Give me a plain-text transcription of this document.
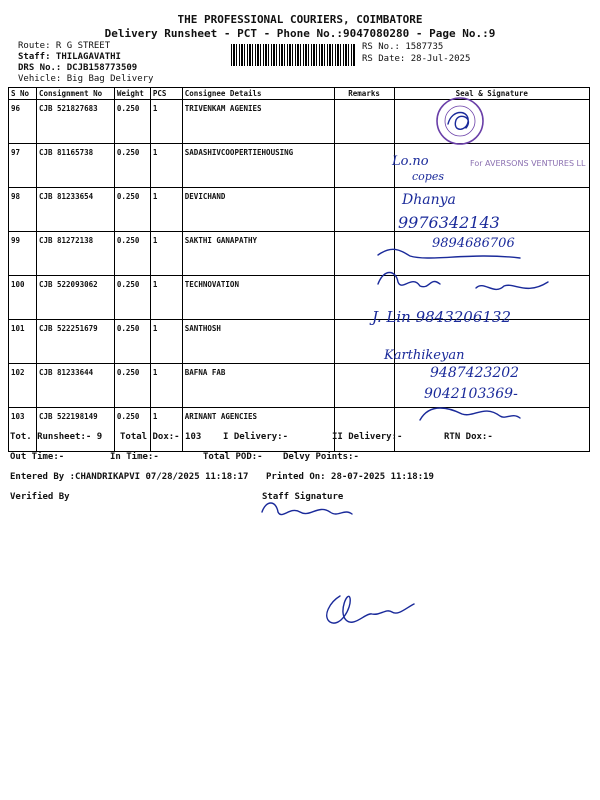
THE PROFESSIONAL COURIERS, COIMBATORE
Delivery Runsheet - PCT - Phone No.:9047080280 - Page No.:9
Route: R G STREET
Staff: THILAGAVATHI
DRS No.: DCJB158773509
Vehicle: Big Bag Delivery
RS No.: 1587735
RS Date: 28-Jul-2025
S No	Consignment No	Weight	PCS	Consignee Details	Remarks	Seal & Signature
96	CJB 521827683	0.250	1	TRIVENKAM AGENIES		
97	CJB 81165738	0.250	1	SADASHIVCOOPERTIEHOUSING		
98	CJB 81233654	0.250	1	DEVICHAND		
99	CJB 81272138	0.250	1	SAKTHI GANAPATHY		
100	CJB 522093062	0.250	1	TECHNOVATION		
101	CJB 522251679	0.250	1	SANTHOSH		
102	CJB 81233644	0.250	1	BAFNA FAB		
103	CJB 522198149	0.250	1	ARINANT AGENCIES		
Lo.no
copes
For AVERSONS VENTURES LL
Dhanya
9976342143
9894686706
J. Lin 9843206132
Karthikeyan
9487423202
9042103369-
Tot. Runsheet:- 9 Total Dox:- 103 I Delivery:-	II Delivery:-	RTN Dox:-
Out Time:-	In Time:-	Total POD:- Delvy Points:-
Entered By :CHANDRIKAPVI 07/28/2025 11:18:17 Printed On: 28-07-2025 11:18:19
Verified By	Staff Signature
